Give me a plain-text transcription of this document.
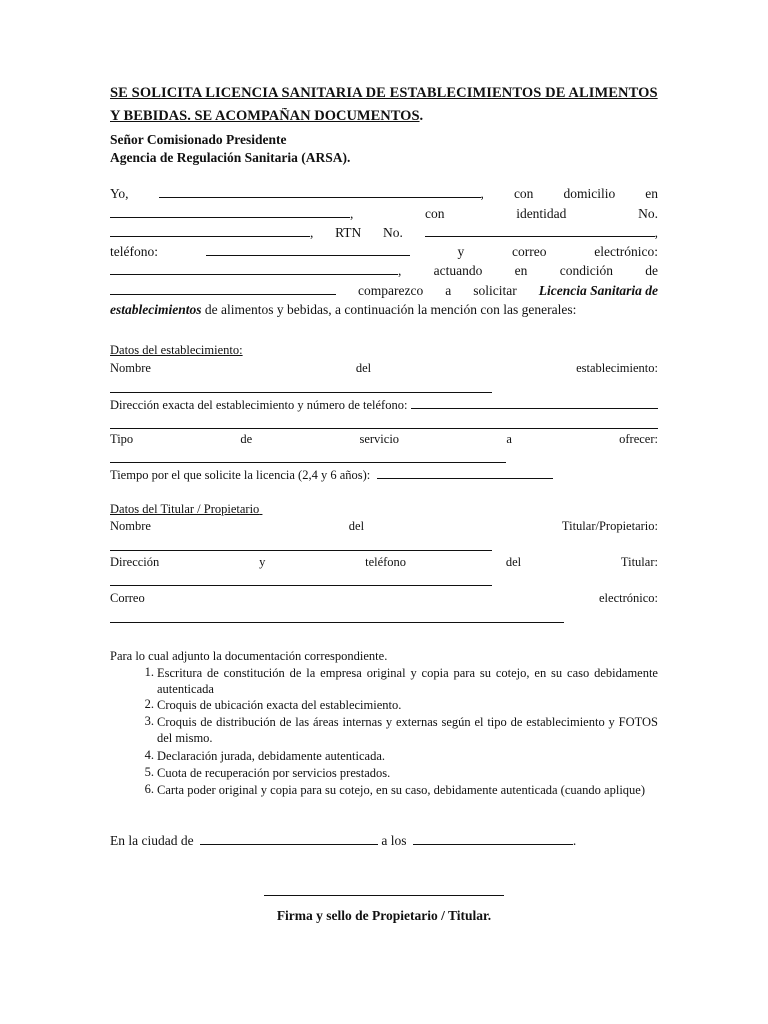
SE SOLICITA LICENCIA SANITARIA DE ESTABLECIMIENTOS DE ALIMENTOS
Y BEBIDAS. SE ACOMPAÑAN DOCUMENTOS.
Señor Comisionado Presidente
Agencia de Regulación Sanitaria (ARSA).
Yo,	, con domicilio en
,	con	identidad	No.
, RTN No.	,
teléfono:	y	correo	electrónico:
, actuando en condición de
comparezco a solicitar Licencia Sanitaria de
establecimientos de alimentos y bebidas, a continuación la mención con las generales:
Datos del establecimiento:
Nombre	del	establecimiento:
Dirección exacta del establecimiento y número de teléfono:
Tipo	de	servicio	a	ofrecer:
Tiempo por el que solicite la licencia (2,4 y 6 años):
Datos del Titular / Propietario
Nombre	del	Titular/Propietario:
Dirección	y	teléfono	del	Titular:
Correo	electrónico:
Para lo cual adjunto la documentación correspondiente.
1. Escritura de constitución de la empresa original y copia para su cotejo, en su caso debidamente autenticada
2. Croquis de ubicación exacta del establecimiento.
3. Croquis de distribución de las áreas internas y externas según el tipo de establecimiento y FOTOS del mismo.
4. Declaración jurada, debidamente autenticada.
5. Cuota de recuperación por servicios prestados.
6. Carta poder original y copia para su cotejo, en su caso, debidamente autenticada (cuando aplique)
En la ciudad de	a los	.
Firma y sello de Propietario / Titular.
